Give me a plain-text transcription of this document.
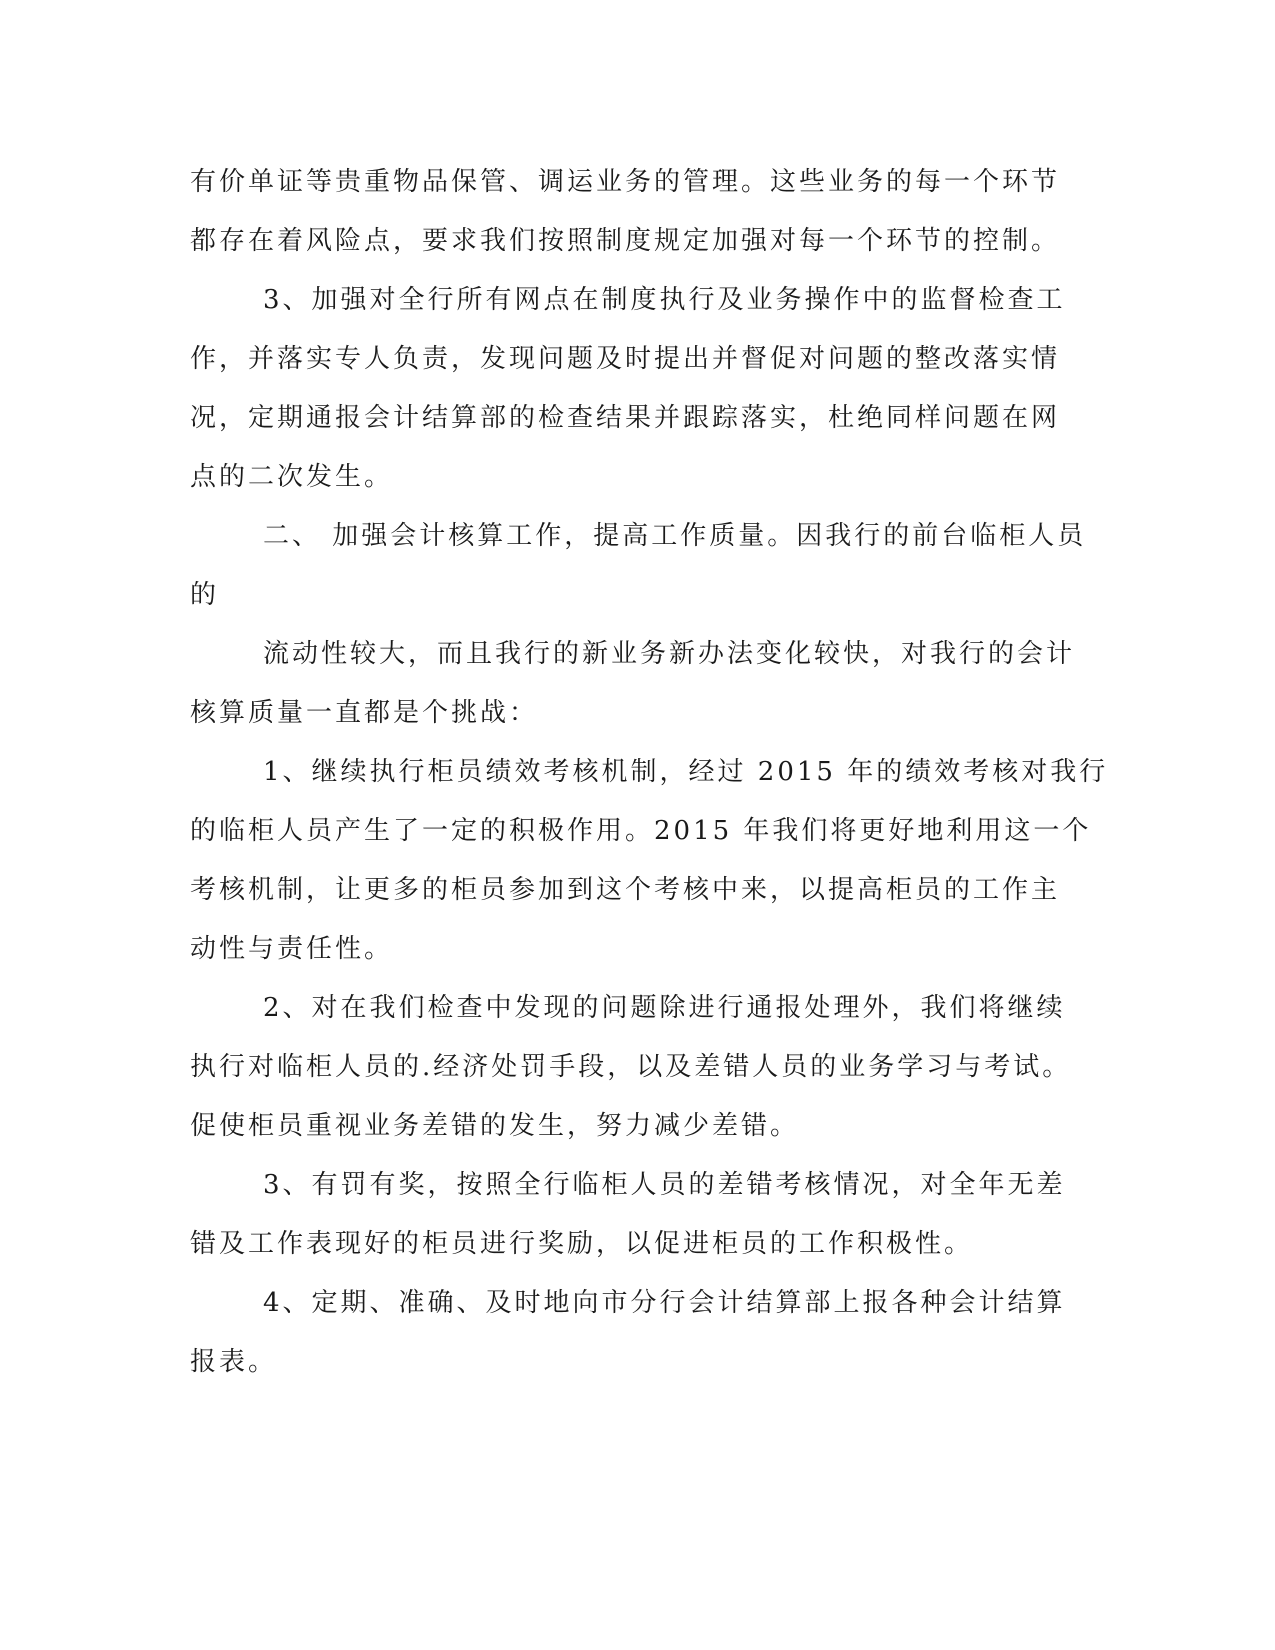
有价单证等贵重物品保管、调运业务的管理。这些业务的每一个环节
都存在着风险点，要求我们按照制度规定加强对每一个环节的控制。
3、加强对全行所有网点在制度执行及业务操作中的监督检查工
作，并落实专人负责，发现问题及时提出并督促对问题的整改落实情
况，定期通报会计结算部的检查结果并跟踪落实，杜绝同样问题在网
点的二次发生。
二、 加强会计核算工作，提高工作质量。因我行的前台临柜人员
的
流动性较大，而且我行的新业务新办法变化较快，对我行的会计
核算质量一直都是个挑战：
1、继续执行柜员绩效考核机制，经过 2015 年的绩效考核对我行
的临柜人员产生了一定的积极作用。2015 年我们将更好地利用这一个
考核机制，让更多的柜员参加到这个考核中来，以提高柜员的工作主
动性与责任性。
2、对在我们检查中发现的问题除进行通报处理外，我们将继续
执行对临柜人员的.经济处罚手段，以及差错人员的业务学习与考试。
促使柜员重视业务差错的发生，努力减少差错。
3、有罚有奖，按照全行临柜人员的差错考核情况，对全年无差
错及工作表现好的柜员进行奖励，以促进柜员的工作积极性。
4、定期、准确、及时地向市分行会计结算部上报各种会计结算
报表。
